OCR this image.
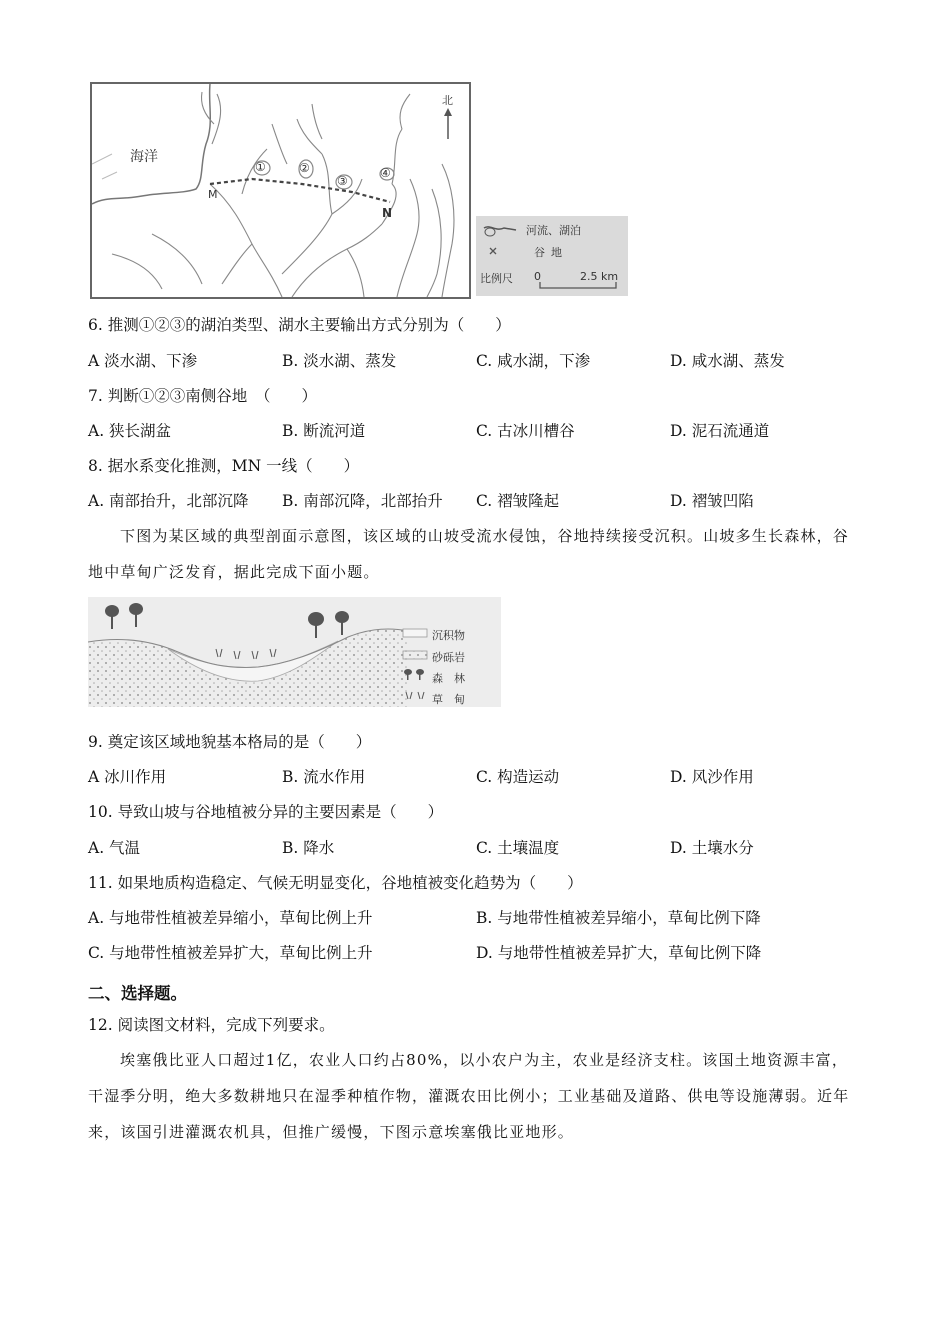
海洋
北
M
N
①	②
③
④
河流、湖泊
谷地
比例尺 0	2.5 km
6. 推测①②③的湖泊类型、湖水主要输出方式分别为（　　）
A 淡水湖、下渗	B. 淡水湖、蒸发	C. 咸水湖，下渗	D. 咸水湖、蒸发
7. 判断①②③南侧谷地　（　　）
A. 狭长湖盆	B. 断流河道	C. 古冰川槽谷	D. 泥石流通道
8. 据水系变化推测，MN 一线（　　）
A. 南部抬升，北部沉降 B. 南部沉降，北部抬升 C. 褶皱隆起	D. 褶皱凹陷
下图为某区域的典型剖面示意图，该区域的山坡受流水侵蚀，谷地持续接受沉积。山坡多生长森林，谷地中草甸广泛发育，据此完成下面小题。
沉积物
砂砾岩
森　林
草　甸
9. 奠定该区域地貌基本格局的是（　　）
A 冰川作用	B. 流水作用	C. 构造运动	D. 风沙作用
10. 导致山坡与谷地植被分异的主要因素是（　　）
A. 气温	B. 降水	C. 土壤温度	D. 土壤水分
11. 如果地质构造稳定、气候无明显变化，谷地植被变化趋势为（　　）
A. 与地带性植被差异缩小，草甸比例上升	B. 与地带性植被差异缩小，草甸比例下降
C. 与地带性植被差异扩大，草甸比例上升	D. 与地带性植被差异扩大，草甸比例下降
二、选择题。
12. 阅读图文材料，完成下列要求。
埃塞俄比亚人口超过1亿，农业人口约占80%，以小农户为主，农业是经济支柱。该国土地资源丰富，干湿季分明，绝大多数耕地只在湿季种植作物，灌溉农田比例小；工业基础及道路、供电等设施薄弱。近年来，该国引进灌溉农机具，但推广缓慢，下图示意埃塞俄比亚地形。
